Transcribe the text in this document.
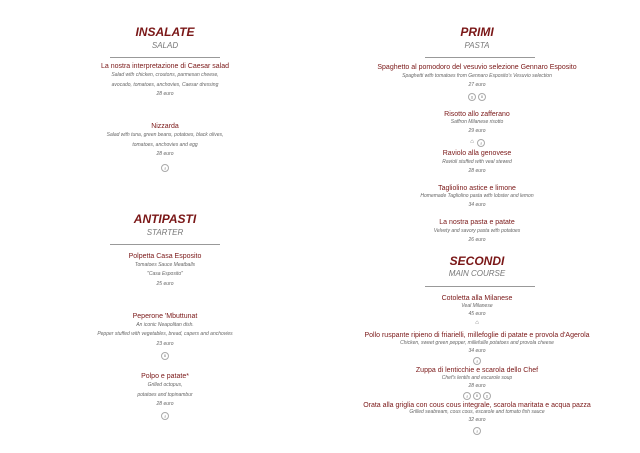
INSALATE
SALAD
La nostra interpretazione di Caesar salad
Salad with chicken, croutons, parmesan cheese,
avocado, tomatoes, anchovies, Caesar dressing
28 euro
Nizzarda
Salad with tuna, green beans, potatoes, black olives,
tomatoes, anchovies and egg
28 euro
ɟ
ANTIPASTI
STARTER
Polpetta Casa Esposito
Tomatoes Sauce Meatballs
"Casa Esposito"
25 euro
Peperone 'Mbuttunat
An iconic Neapolitan dish.
Pepper stuffed with vegetables, bread, capers and anchovies
23 euro
ʬ
Polpo e patate*
Grilled octopus,
potatoes and topinambur
28 euro
ɟ
PRIMI
PASTA
Spaghetto al pomodoro del vesuvio selezione Gennaro Esposito
Spaghetti with tomatoes from Gennaro Esposito's Vesuvio selection
27 euro
ɣ	ʬ
Risotto allo zafferano
Saffron Milanese risotto
29 euro
⌂	ɟ
Raviolo alla genovese
Ravioli stuffed with veal stewed
28 euro
Tagliolino astice e limone
Homemade Tagliolino pasta with lobster and lemon
34 euro
La nostra pasta e patate
Velvety and savory pasta with potatoes
26 euro
SECONDI
MAIN COURSE
Cotoletta alla Milanese
Veal Milanese
45 euro
⌂
Pollo ruspante ripieno di friarielli, millefoglie di patate e provola d'Agerola
Chicken, sweet green pepper, millefuille potatoes and provola cheese
34 euro
ɟ
Zuppa di lenticchie e scarola dello Chef
Chef's lentils and escarole soup
28 euro
ɟ	ʬ	ɣ
Orata alla griglia con cous cous integrale, scarola maritata e acqua pazza
Grilled seabream, cous cous, escarole and tomato fish sauce
32 euro
ɟ
